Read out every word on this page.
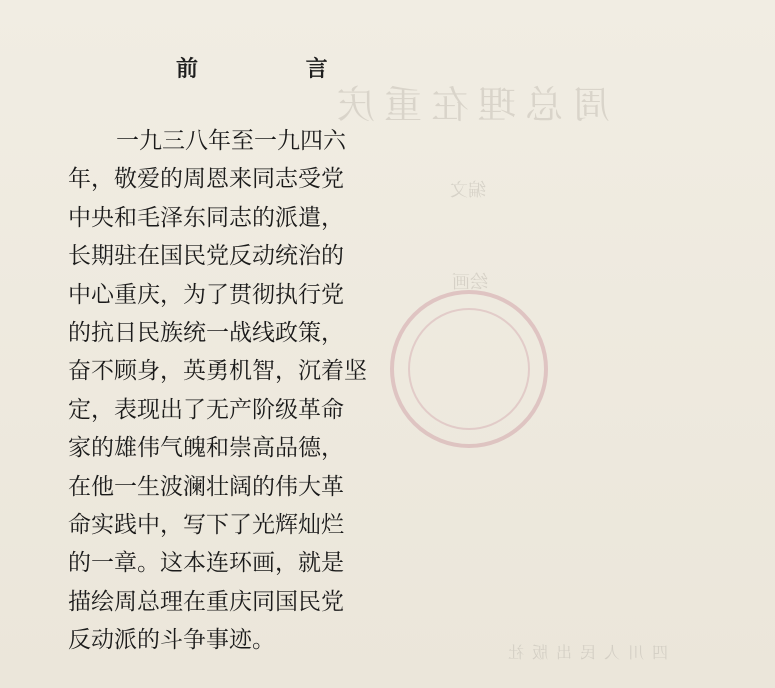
周总理在重庆
编文
绘画
四川人民出版社
前 言
一九三八年至一九四六
年，敬爱的周恩来同志受党
中央和毛泽东同志的派遣，
长期驻在国民党反动统治的
中心重庆，为了贯彻执行党
的抗日民族统一战线政策，
奋不顾身，英勇机智，沉着坚
定，表现出了无产阶级革命
家的雄伟气魄和崇高品德，
在他一生波澜壮阔的伟大革
命实践中，写下了光辉灿烂
的一章。这本连环画，就是
描绘周总理在重庆同国民党
反动派的斗争事迹。
